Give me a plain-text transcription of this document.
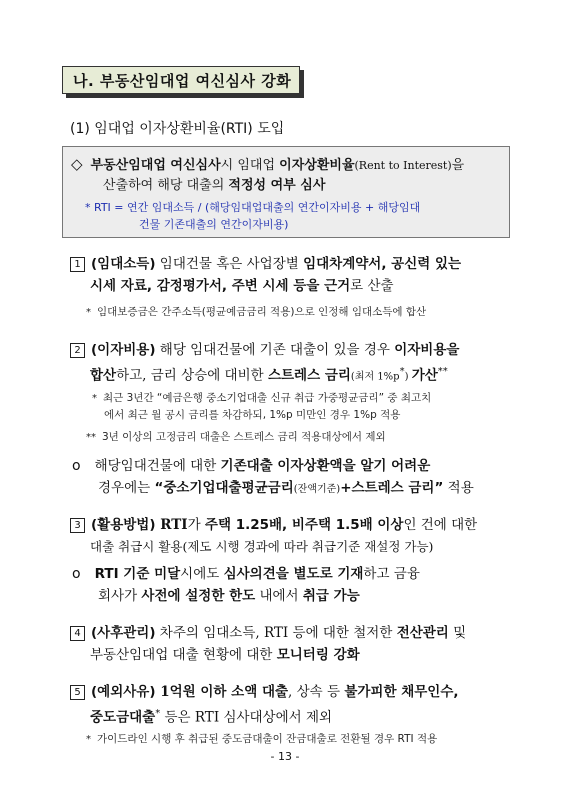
나. 부동산임대업 여신심사 강화
(1) 임대업 이자상환비율(RTI) 도입
◇ 부동산임대업 여신심사시 임대업 이자상환비율(Rent to Interest)을
산출하여 해당 대출의 적정성 여부 심사
* RTI = 연간 임대소득 / (해당임대업대출의 연간이자비용 + 해당임대
건물 기존대출의 연간이자비용)
1 (임대소득) 임대건물 혹은 사업장별 임대차계약서, 공신력 있는
시세 자료, 감정평가서, 주변 시세 등을 근거로 산출
* 임대보증금은 간주소득(평균예금금리 적용)으로 인정해 임대소득에 합산
2 (이자비용) 해당 임대건물에 기존 대출이 있을 경우 이자비용을
합산하고, 금리 상승에 대비한 스트레스 금리(최저 1%p*) 가산**
* 최근 3년간 “예금은행 중소기업대출 신규 취급 가중평균금리” 중 최고치
에서 최근 월 공시 금리를 차감하되, 1%p 미만인 경우 1%p 적용
** 3년 이상의 고정금리 대출은 스트레스 금리 적용대상에서 제외
o 해당임대건물에 대한 기존대출 이자상환액을 알기 어려운
경우에는 “중소기업대출평균금리(잔액기준)+스트레스 금리” 적용
3 (활용방법) RTI가 주택 1.25배, 비주택 1.5배 이상인 건에 대한
대출 취급시 활용(제도 시행 경과에 따라 취급기준 재설정 가능)
o RTI 기준 미달시에도 심사의견을 별도로 기재하고 금융
회사가 사전에 설정한 한도 내에서 취급 가능
4 (사후관리) 차주의 임대소득, RTI 등에 대한 철저한 전산관리 및
부동산임대업 대출 현황에 대한 모니터링 강화
5 (예외사유) 1억원 이하 소액 대출, 상속 등 불가피한 채무인수,
중도금대출* 등은 RTI 심사대상에서 제외
* 가이드라인 시행 후 취급된 중도금대출이 잔금대출로 전환될 경우 RTI 적용
- 13 -
